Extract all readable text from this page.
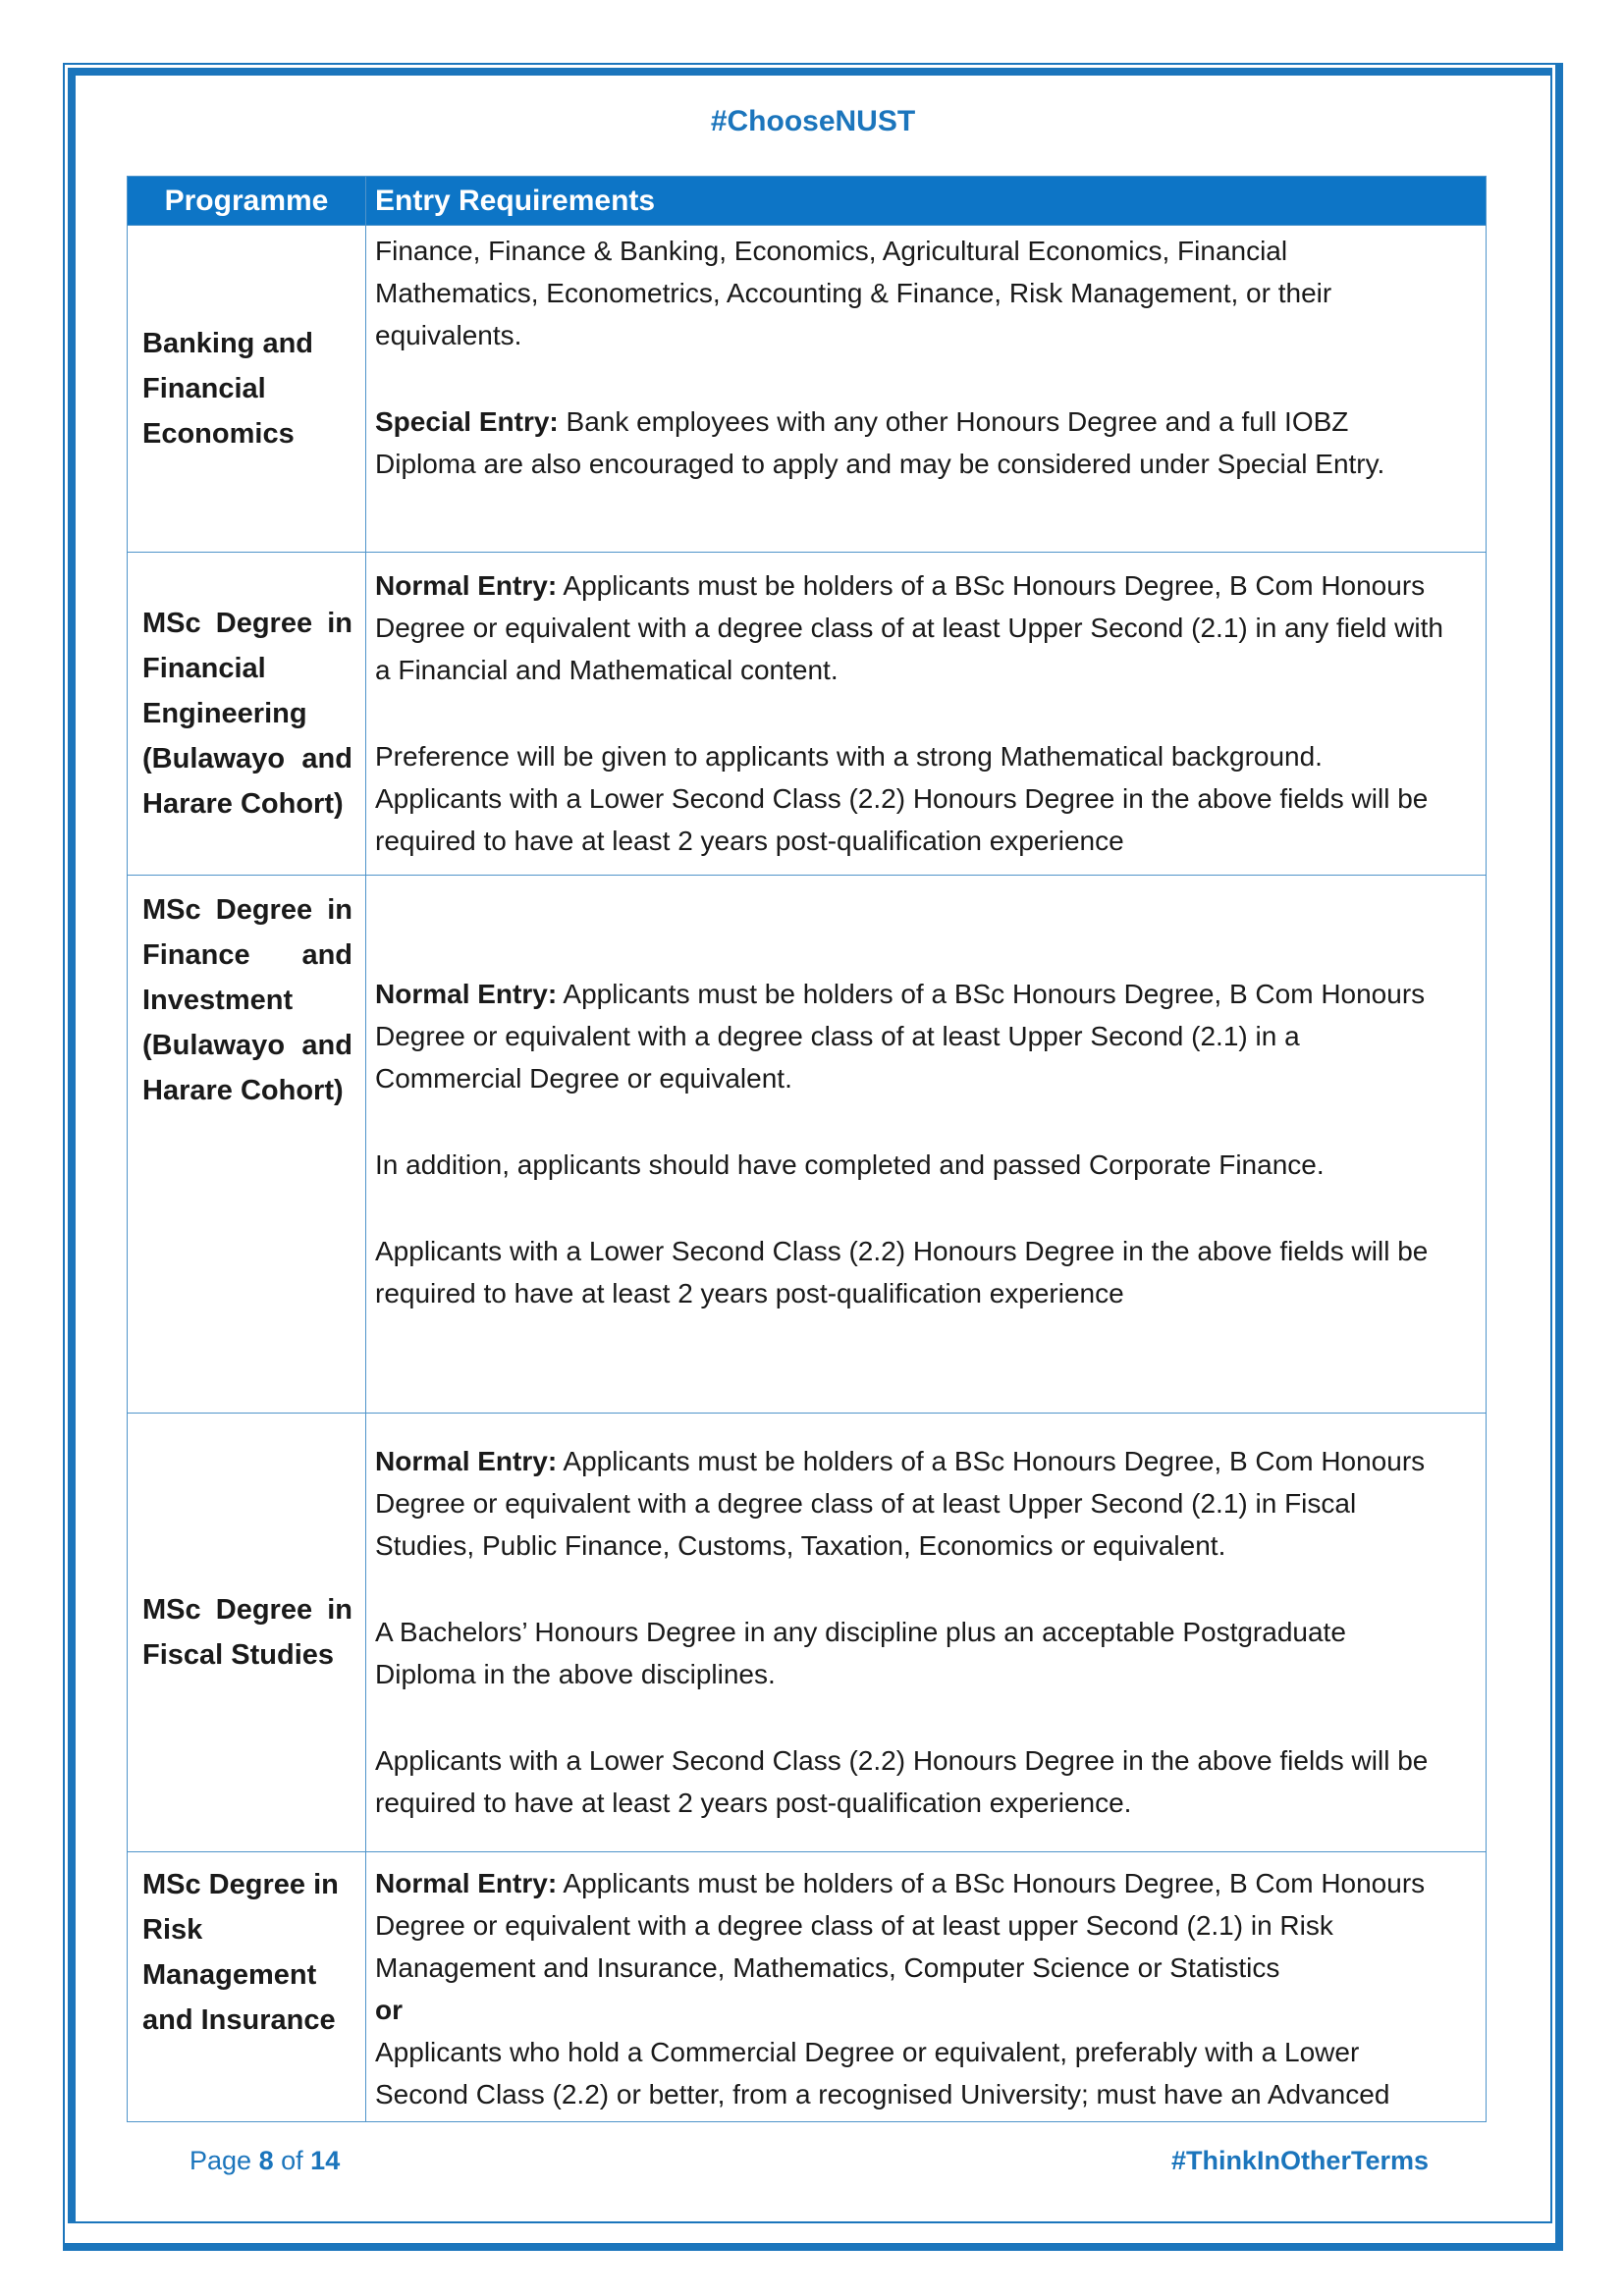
#ChooseNUST
Programme	Entry Requirements
Banking and Financial Economics	Finance, Finance & Banking, Economics, Agricultural Economics, Financial Mathematics, Econometrics, Accounting & Finance, Risk Management, or their equivalents.

Special Entry: Bank employees with any other Honours Degree and a full IOBZ Diploma are also encouraged to apply and may be considered under Special Entry.

MSc Degree in Financial Engineering (Bulawayo and Harare Cohort)	Normal Entry: Applicants must be holders of a BSc Honours Degree, B Com Honours Degree or equivalent with a degree class of at least Upper Second (2.1) in any field with a Financial and Mathematical content.

Preference will be given to applicants with a strong Mathematical background. Applicants with a Lower Second Class (2.2) Honours Degree in the above fields will be required to have at least 2 years post-qualification experience

MSc Degree in Finance and Investment (Bulawayo and Harare Cohort)	Normal Entry: Applicants must be holders of a BSc Honours Degree, B Com Honours Degree or equivalent with a degree class of at least Upper Second (2.1) in a Commercial Degree or equivalent.

In addition, applicants should have completed and passed Corporate Finance.

Applicants with a Lower Second Class (2.2) Honours Degree in the above fields will be required to have at least 2 years post-qualification experience

MSc Degree in Fiscal Studies	Normal Entry: Applicants must be holders of a BSc Honours Degree, B Com Honours Degree or equivalent with a degree class of at least Upper Second (2.1) in Fiscal Studies, Public Finance, Customs, Taxation, Economics or equivalent.

A Bachelors’ Honours Degree in any discipline plus an acceptable Postgraduate Diploma in the above disciplines.

Applicants with a Lower Second Class (2.2) Honours Degree in the above fields will be required to have at least 2 years post-qualification experience.

MSc Degree in Risk Management and Insurance	Normal Entry: Applicants must be holders of a BSc Honours Degree, B Com Honours Degree or equivalent with a degree class of at least upper Second (2.1) in Risk Management and Insurance, Mathematics, Computer Science or Statistics

or

Applicants who hold a Commercial Degree or equivalent, preferably with a Lower Second Class (2.2) or better, from a recognised University; must have an Advanced

Page 8 of 14	#ThinkInOtherTerms
